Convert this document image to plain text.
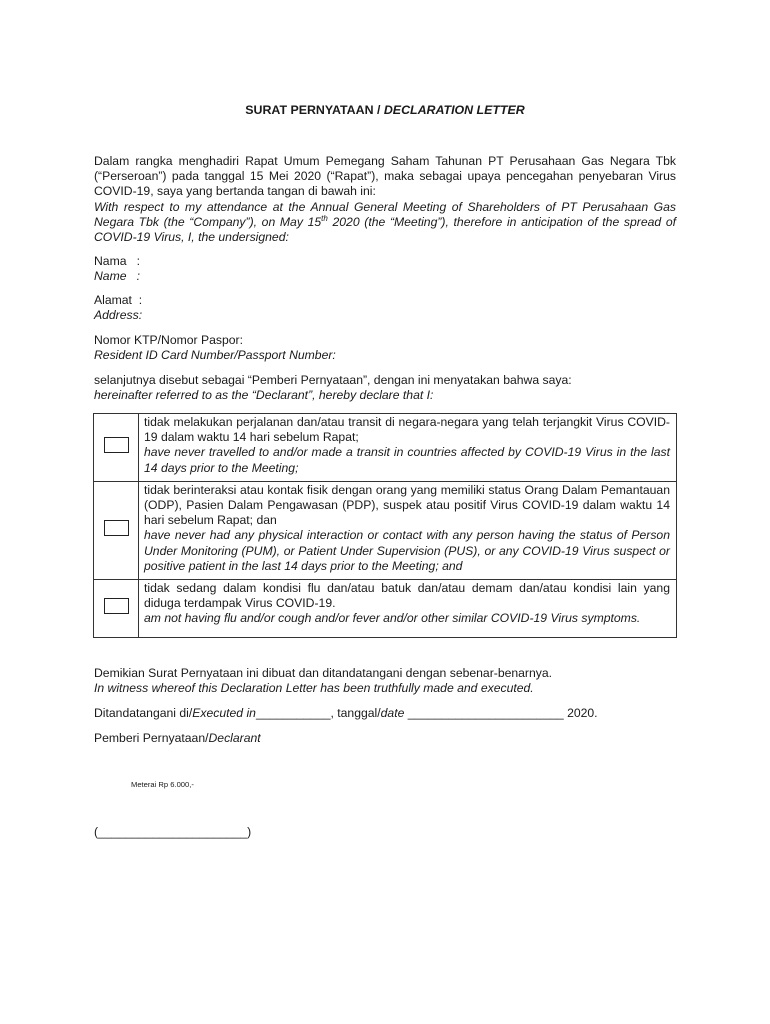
SURAT PERNYATAAN / DECLARATION LETTER
Dalam rangka menghadiri Rapat Umum Pemegang Saham Tahunan PT Perusahaan Gas Negara Tbk (“Perseroan”) pada tanggal 15 Mei 2020 (“Rapat”), maka sebagai upaya pencegahan penyebaran Virus COVID-19, saya yang bertanda tangan di bawah ini:
With respect to my attendance at the Annual General Meeting of Shareholders of PT Perusahaan Gas Negara Tbk (the “Company”), on May 15th 2020 (the “Meeting”), therefore in anticipation of the spread of COVID-19 Virus, I, the undersigned:
Nama   :
Name   :
Alamat  :
Address:
Nomor KTP/Nomor Paspor:
Resident ID Card Number/Passport Number:
selanjutnya disebut sebagai “Pemberi Pernyataan”, dengan ini menyatakan bahwa saya:
hereinafter referred to as the “Declarant”, hereby declare that I:

	tidak melakukan perjalanan dan/atau transit di negara-negara yang telah terjangkit Virus COVID-19 dalam waktu 14 hari sebelum Rapat;
have never travelled to and/or made a transit in countries affected by COVID-19 Virus in the last 14 days prior to the Meeting;

	tidak berinteraksi atau kontak fisik dengan orang yang memiliki status Orang Dalam Pemantauan (ODP), Pasien Dalam Pengawasan (PDP), suspek atau positif Virus COVID-19 dalam waktu 14 hari sebelum Rapat; dan
have never had any physical interaction or contact with any person having the status of Person Under Monitoring (PUM), or Patient Under Supervision (PUS), or any COVID-19 Virus suspect or positive patient in the last 14 days prior to the Meeting; and

	tidak sedang dalam kondisi flu dan/atau batuk dan/atau demam dan/atau kondisi lain yang diduga terdampak Virus COVID-19.
am not having flu and/or cough and/or fever and/or other similar COVID-19 Virus symptoms.
Demikian Surat Pernyataan ini dibuat dan ditandatangani dengan sebenar-benarnya.
In witness whereof this Declaration Letter has been truthfully made and executed.
Ditandatangani di/Executed in___________, tanggal/date _______________________ 2020.
Pemberi Pernyataan/Declarant
Meterai Rp 6.000,-
(______________________)
